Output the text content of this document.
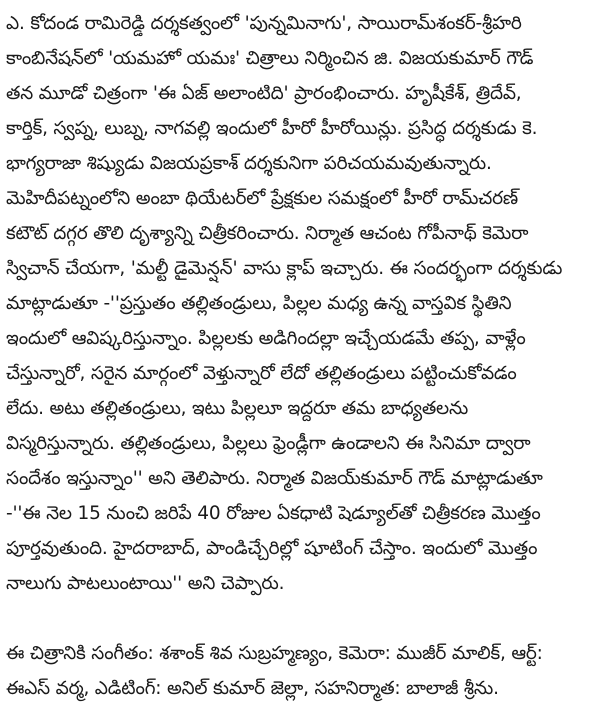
ఎ. కోదండ రామిరెడ్డి దర్శకత్వంలో 'పున్నమినాగు', సాయిరామ్‌శంకర్-శ్రీహరి
కాంబినేషన్‌లో 'యమహో యమః' చిత్రాలు నిర్మించిన జి. విజయకుమార్ గౌడ్
తన మూడో చిత్రంగా 'ఈ ఏజ్ అలాంటిది' ప్రారంభించారు. హృషీకేశ్, త్రిదేవ్,
కార్తిక్, స్వప్న, లుబ్న, నాగవల్లి ఇందులో హీరో హీరోయిన్లు. ప్రసిద్ధ దర్శకుడు కె.
భాగ్యరాజా శిష్యుడు విజయప్రకాశ్ దర్శకునిగా పరిచయమవుతున్నారు.
మెహిదీపట్నంలోని అంబా థియేటర్‌లో ప్రేక్షకుల సమక్షంలో హీరో రామ్‌చరణ్
కటౌట్ దగ్గర తొలి దృశ్యాన్ని చిత్రీకరించారు. నిర్మాత ఆచంట గోపీనాథ్ కెమెరా
స్విచాన్ చేయగా, 'మల్టీ డైమెన్షన్' వాసు క్లాప్ ఇచ్చారు. ఈ సందర్భంగా దర్శకుడు
మాట్లాడుతూ -''ప్రస్తుతం తల్లితండ్రులు, పిల్లల మధ్య ఉన్న వాస్తవిక స్థితిని
ఇందులో ఆవిష్కరిస్తున్నాం. పిల్లలకు అడిగిందల్లా ఇచ్చేయడమే తప్ప, వాళ్లేం
చేస్తున్నారో, సరైన మార్గంలో వెళ్తున్నారో లేదో తల్లితండ్రులు పట్టించుకోవడం
లేదు. అటు తల్లితండ్రులు, ఇటు పిల్లలూ ఇద్దరూ తమ బాధ్యతలను
విస్మరిస్తున్నారు. తల్లితండ్రులు, పిల్లలు ఫ్రెండ్లీగా ఉండాలని ఈ సినిమా ద్వారా
సందేశం ఇస్తున్నాం'' అని తెలిపారు. నిర్మాత విజయ్‌కుమార్ గౌడ్ మాట్లాడుతూ
-''ఈ నెల 15 నుంచి జరిపే 40 రోజుల ఏకధాటి షెడ్యూల్‌తో చిత్రీకరణ మొత్తం
పూర్తవుతుంది. హైదరాబాద్, పాండిచ్చేరిల్లో షూటింగ్ చేస్తాం. ఇందులో మొత్తం
నాలుగు పాటలుంటాయి'' అని చెప్పారు.
ఈ చిత్రానికి సంగీతం: శశాంక్ శివ సుబ్రహ్మణ్యం, కెమెరా: ముజీర్ మాలిక్, ఆర్ట్:
ఈఎస్ వర్మ, ఎడిటింగ్: అనిల్ కుమార్ జెల్లా, సహనిర్మాత: బాలాజీ శ్రీను.
